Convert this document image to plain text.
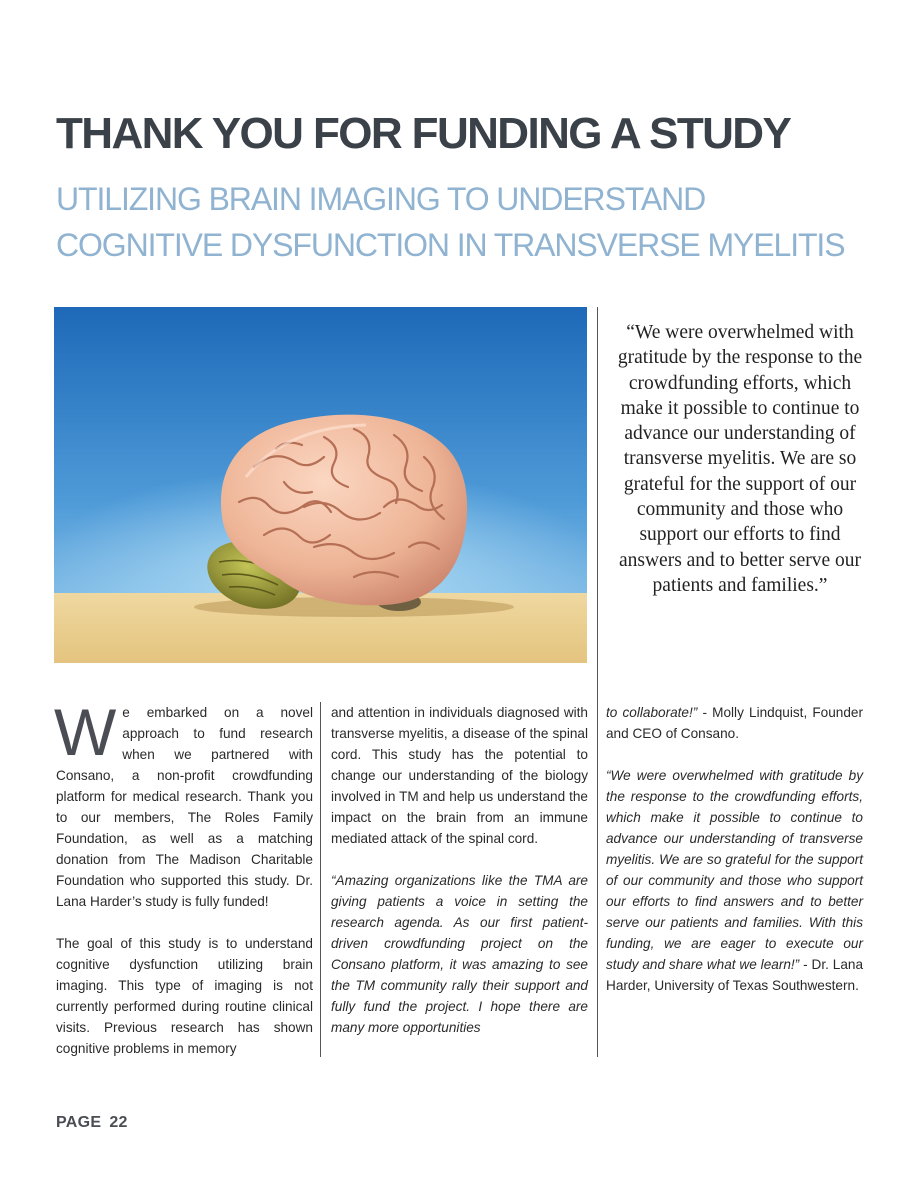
THANK YOU FOR FUNDING A STUDY
UTILIZING BRAIN IMAGING TO UNDERSTAND
COGNITIVE DYSFUNCTION IN TRANSVERSE MYELITIS

“We were overwhelmed with gratitude by the response to the crowdfunding efforts, which make it possible to continue to advance our understanding of transverse myelitis. We are so grateful for the support of our community and those who support our efforts to find answers and to better serve our patients and families.”

We embarked on a novel approach to fund research when we partnered with Consano, a non-profit crowdfunding platform for medical research. Thank you to our members, The Roles Family Foundation, as well as a matching donation from The Madison Charitable Foundation who supported this study. Dr. Lana Harder’s study is fully funded!

The goal of this study is to understand cognitive dysfunction utilizing brain imaging. This type of imaging is not currently performed during routine clinical visits. Previous research has shown cognitive problems in memory

and attention in individuals diagnosed with transverse myelitis, a disease of the spinal cord. This study has the potential to change our understanding of the biology involved in TM and help us understand the impact on the brain from an immune mediated attack of the spinal cord.

“Amazing organizations like the TMA are giving patients a voice in setting the research agenda. As our first patient-driven crowdfunding project on the Consano platform, it was amazing to see the TM community rally their support and fully fund the project. I hope there are many more opportunities

to collaborate!” - Molly Lindquist, Founder and CEO of Consano.

“We were overwhelmed with gratitude by the response to the crowdfunding efforts, which make it possible to continue to advance our understanding of transverse myelitis. We are so grateful for the support of our community and those who support our efforts to find answers and to better serve our patients and families. With this funding, we are eager to execute our study and share what we learn!” - Dr. Lana Harder, University of Texas Southwestern.

PAGE 22
